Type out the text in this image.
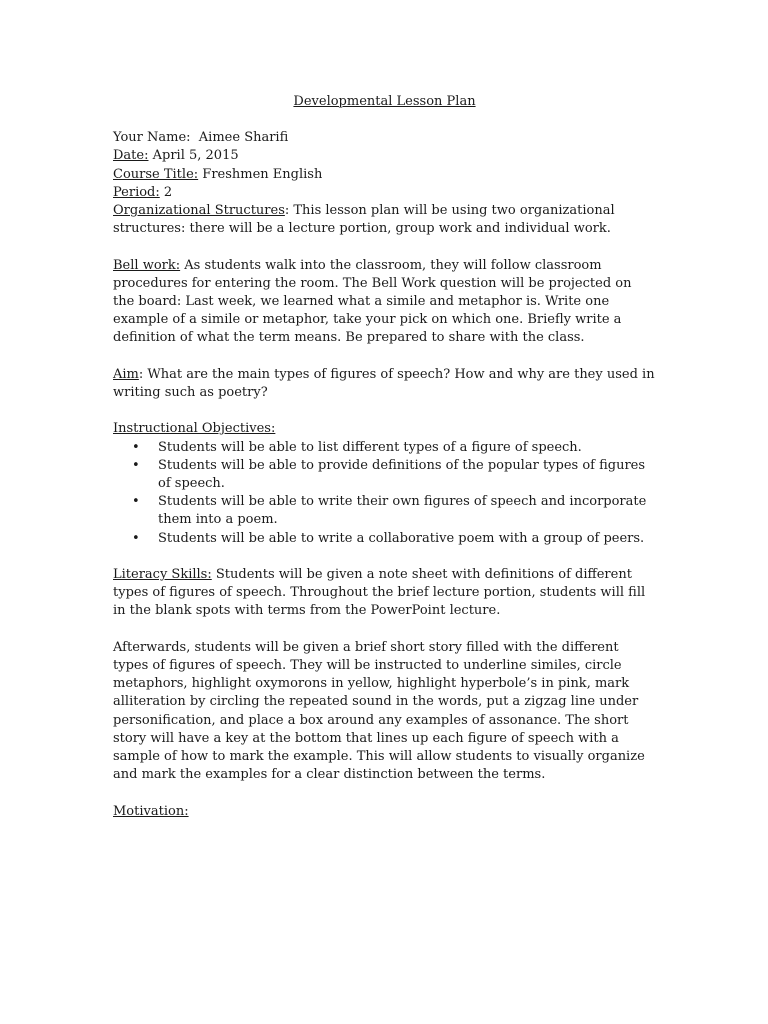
Developmental Lesson Plan

Your Name: Aimee Sharifi

Date: April 5, 2015

Course Title: Freshmen English

Period: 2

Organizational Structures: This lesson plan will be using two organizational structures: there will be a lecture portion, group work and individual work.

Bell work: As students walk into the classroom, they will follow classroom procedures for entering the room. The Bell Work question will be projected on the board: Last week, we learned what a simile and metaphor is. Write one example of a simile or metaphor, take your pick on which one. Briefly write a definition of what the term means. Be prepared to share with the class.

Aim: What are the main types of figures of speech? How and why are they used in writing such as poetry?

Instructional Objectives:

• Students will be able to list different types of a figure of speech.
• Students will be able to provide definitions of the popular types of figures of speech.
• Students will be able to write their own figures of speech and incorporate them into a poem.
• Students will be able to write a collaborative poem with a group of peers.

Literacy Skills: Students will be given a note sheet with definitions of different types of figures of speech. Throughout the brief lecture portion, students will fill in the blank spots with terms from the PowerPoint lecture.

Afterwards, students will be given a brief short story filled with the different types of figures of speech. They will be instructed to underline similes, circle metaphors, highlight oxymorons in yellow, highlight hyperbole’s in pink, mark alliteration by circling the repeated sound in the words, put a zigzag line under personification, and place a box around any examples of assonance. The short story will have a key at the bottom that lines up each figure of speech with a sample of how to mark the example. This will allow students to visually organize and mark the examples for a clear distinction between the terms.

Motivation:
